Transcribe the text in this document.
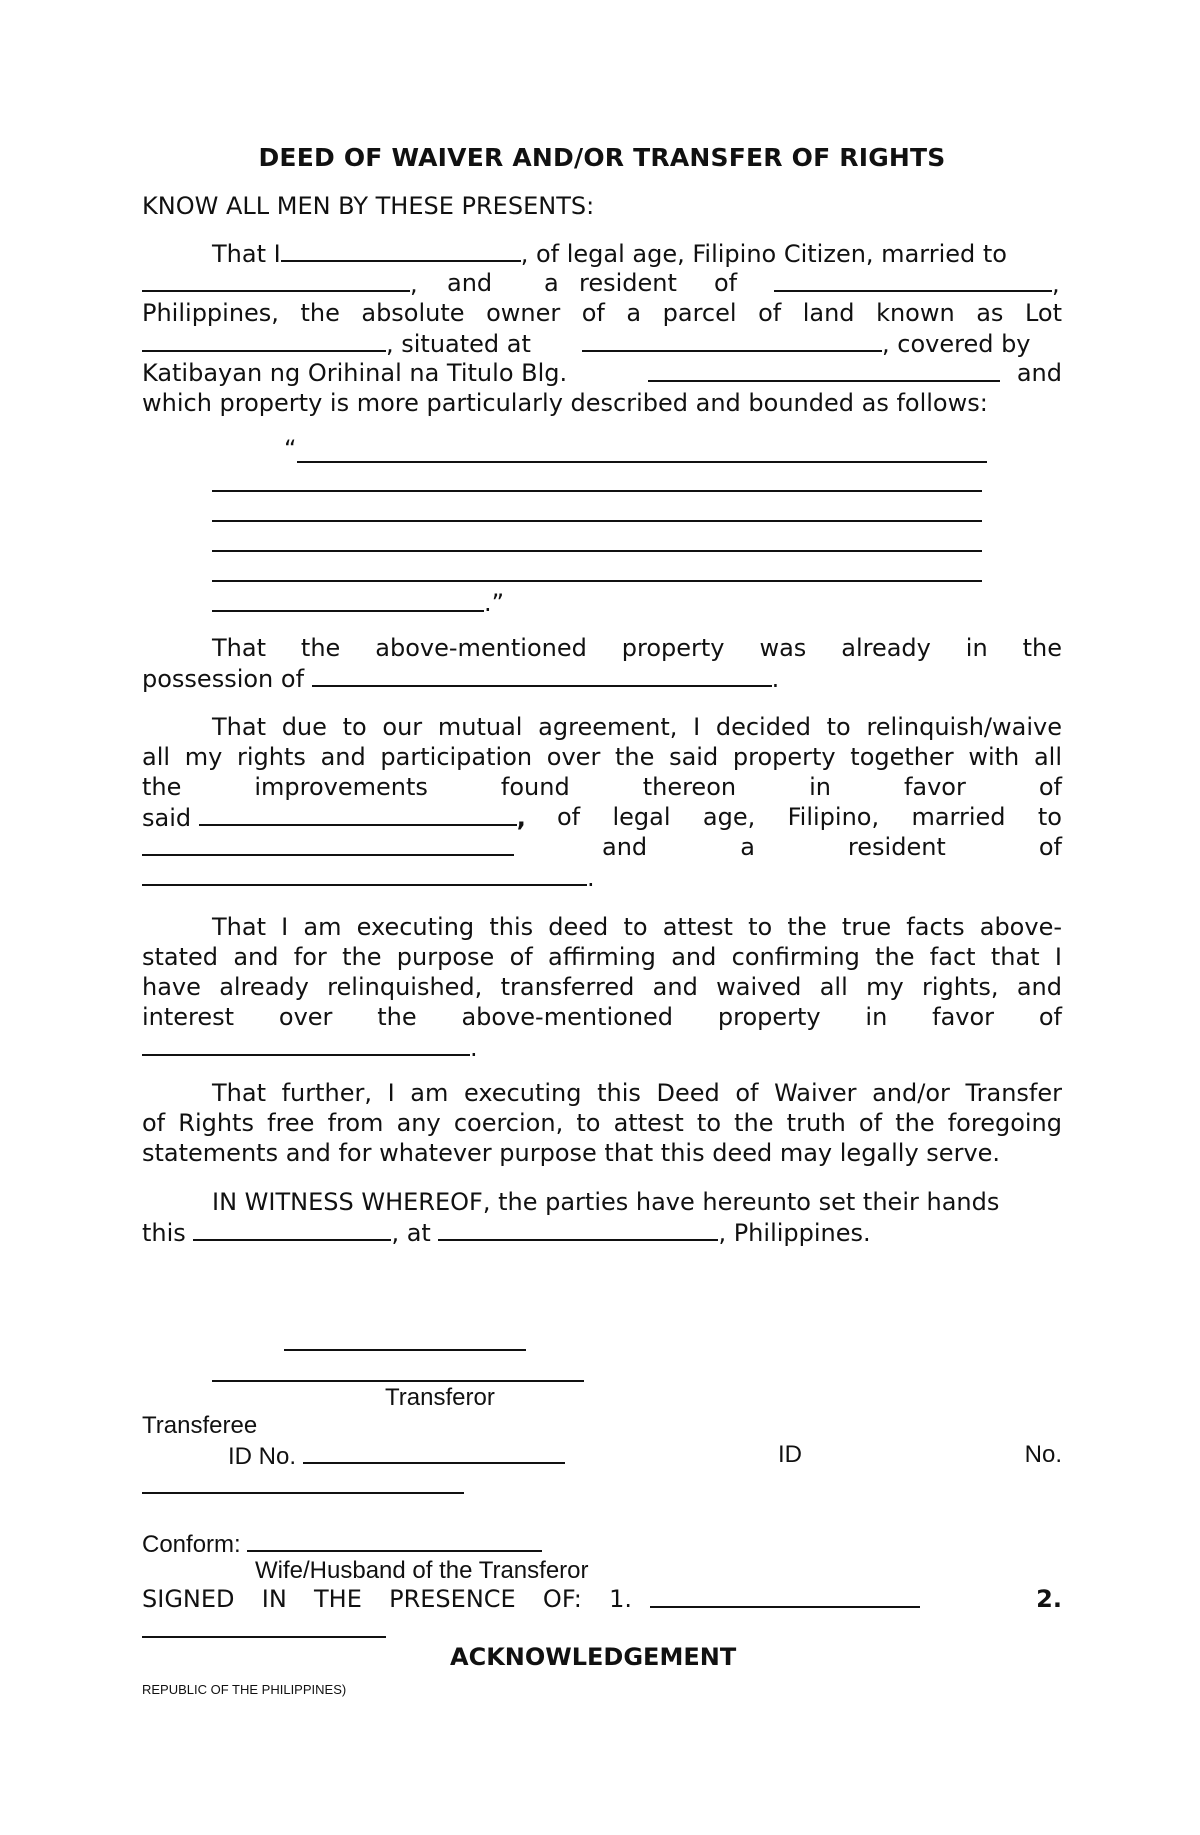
DEED OF WAIVER AND/OR TRANSFER OF RIGHTS
KNOW ALL MEN BY THESE PRESENTS:
That I	, of legal age, Filipino Citizen, married to
, and a resident of	,
Philippines, the absolute owner of a parcel of land known as Lot
, situated at	, covered by
Katibayan ng Orihinal na Titulo Blg.	and
which property is more particularly described and bounded as follows:
“
.”
That the above-mentioned property was already in the
possession of	.
That due to our mutual agreement, I decided to relinquish/waive
all my rights and participation over the said property together with all
the improvements found thereon in favor of
said	, of legal age, Filipino, married to
and a resident of
.
That I am executing this deed to attest to the true facts above-
stated and for the purpose of affirming and confirming the fact that I
have already relinquished, transferred and waived all my rights, and
interest over the above-mentioned property in favor of
.
That further, I am executing this Deed of Waiver and/or Transfer
of Rights free from any coercion, to attest to the truth of the foregoing
statements and for whatever purpose that this deed may legally serve.
IN WITNESS WHEREOF, the parties have hereunto set their hands
this	, at	, Philippines.
Transferor
Transferee
ID No.	ID	No.
Conform:
Wife/Husband of the Transferor
SIGNED IN THE PRESENCE OF: 1.	2.
ACKNOWLEDGEMENT
REPUBLIC OF THE PHILIPPINES)
